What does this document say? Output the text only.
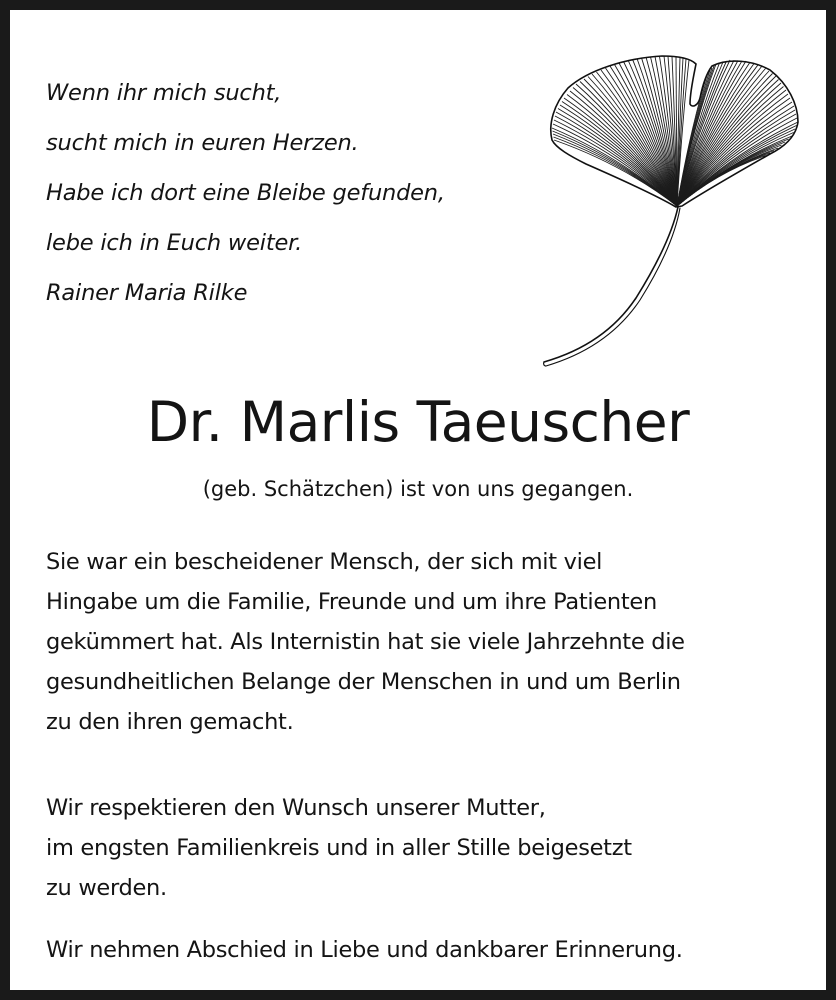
Wenn ihr mich sucht,
sucht mich in euren Herzen.
Habe ich dort eine Bleibe gefunden,
lebe ich in Euch weiter.
Rainer Maria Rilke
Dr. Marlis Taeuscher
(geb. Schätzchen) ist von uns gegangen.
Sie war ein bescheidener Mensch, der sich mit viel
Hingabe um die Familie, Freunde und um ihre Patienten
gekümmert hat. Als Internistin hat sie viele Jahrzehnte die
gesundheitlichen Belange der Menschen in und um Berlin
zu den ihren gemacht.
Wir respektieren den Wunsch unserer Mutter,
im engsten Familienkreis und in aller Stille beigesetzt
zu werden.
Wir nehmen Abschied in Liebe und dankbarer Erinnerung.
